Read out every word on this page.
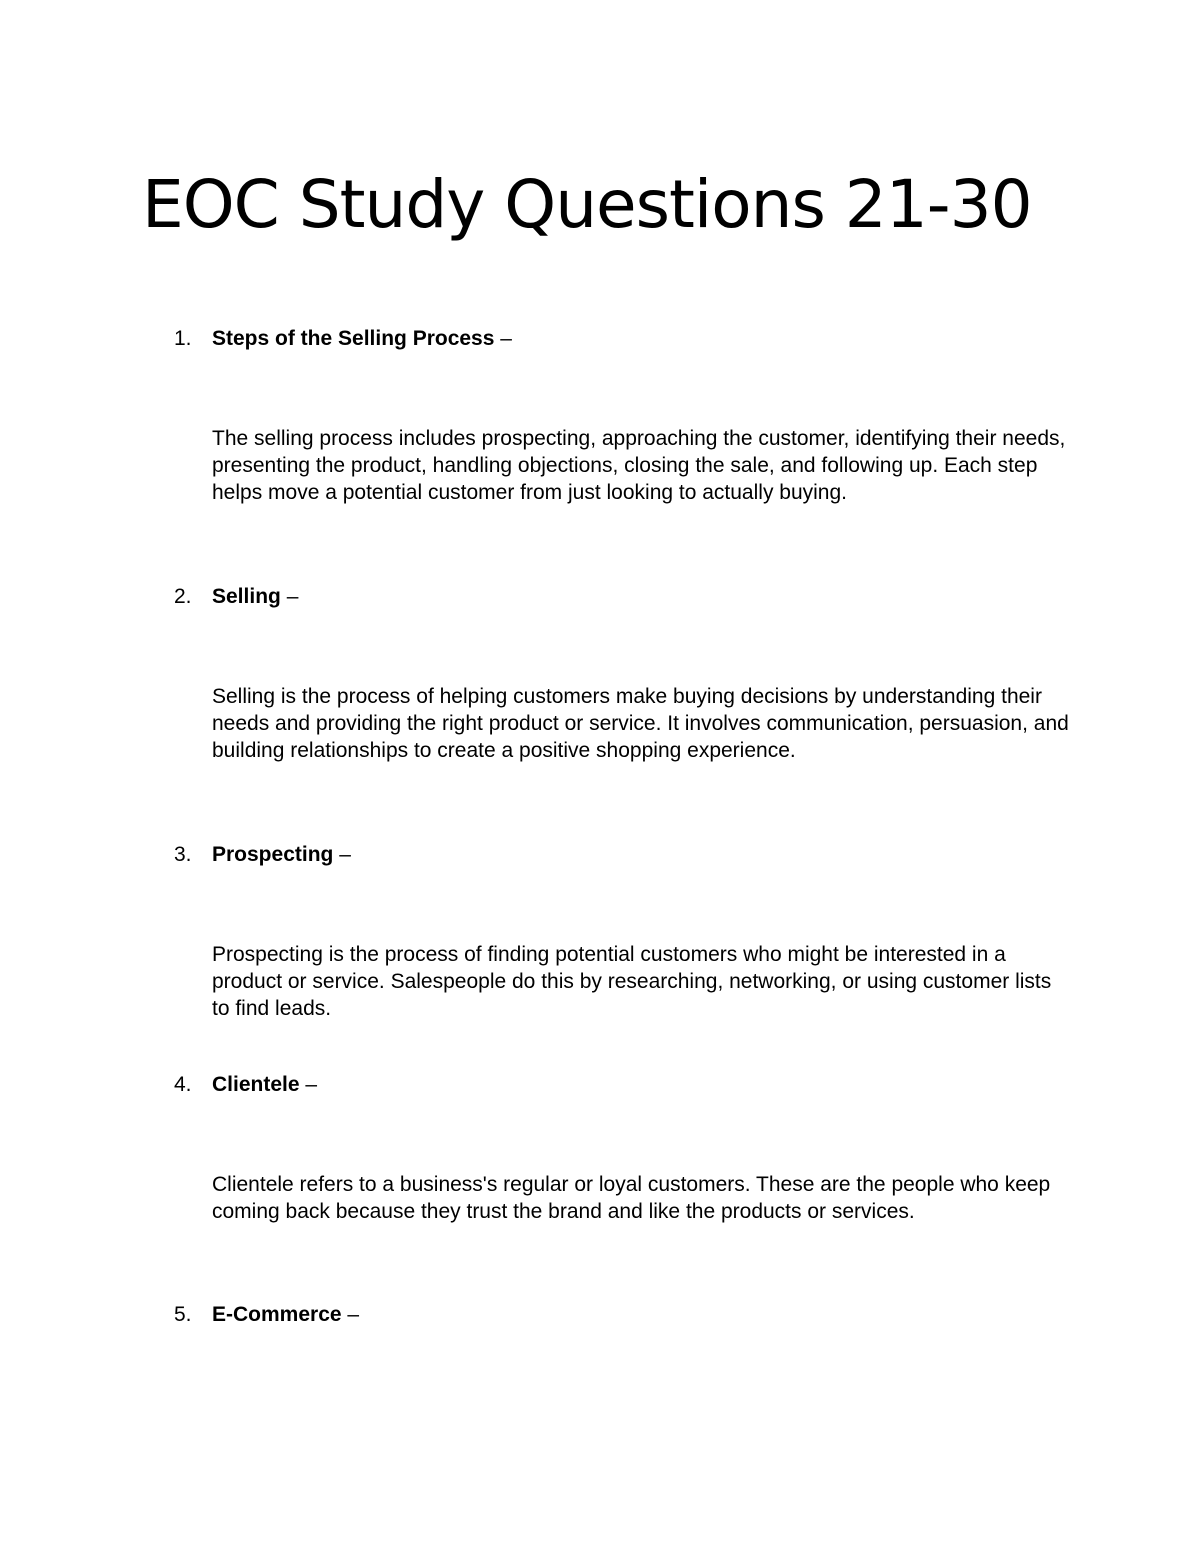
EOC Study Questions 21-30
1. Steps of the Selling Process –

The selling process includes prospecting, approaching the customer, identifying their needs, presenting the product, handling objections, closing the sale, and following up. Each step helps move a potential customer from just looking to actually buying.

2. Selling –

Selling is the process of helping customers make buying decisions by understanding their needs and providing the right product or service. It involves communication, persuasion, and building relationships to create a positive shopping experience.

3. Prospecting –

Prospecting is the process of finding potential customers who might be interested in a product or service. Salespeople do this by researching, networking, or using customer lists to find leads.

4. Clientele –

Clientele refers to a business's regular or loyal customers. These are the people who keep coming back because they trust the brand and like the products or services.

5. E-Commerce –
